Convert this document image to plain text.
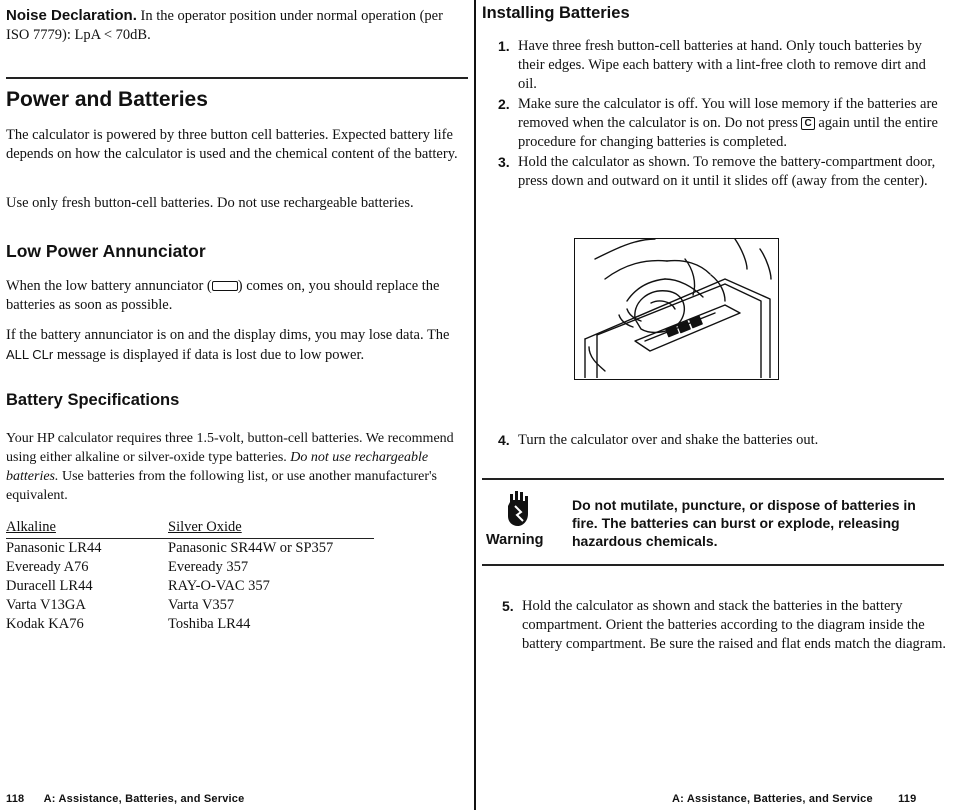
Noise Declaration. In the operator position under normal operation (per ISO 7779): LpA < 70dB.

Power and Batteries

The calculator is powered by three button cell batteries. Expected battery life depends on how the calculator is used and the chemical content of the battery.

Use only fresh button-cell batteries. Do not use rechargeable batteries.

Low Power Annunciator

When the low battery annunciator ( ) comes on, you should replace the batteries as soon as possible.

If the battery annunciator is on and the display dims, you may lose data. The ALL CLr message is displayed if data is lost due to low power.

Battery Specifications

Your HP calculator requires three 1.5-volt, button-cell batteries. We recommend using either alkaline or silver-oxide type batteries. Do not use rechargeable batteries. Use batteries from the following list, or use another manufacturer's equivalent.

Alkaline	Silver Oxide
Panasonic LR44	Panasonic SR44W or SP357
Eveready A76	Eveready 357
Duracell LR44	RAY-O-VAC 357
Varta V13GA	Varta V357
Kodak KA76	Toshiba LR44
118 A: Assistance, Batteries, and Service
Installing Batteries
1. Have three fresh button-cell batteries at hand. Only touch batteries by their edges. Wipe each battery with a lint-free cloth to remove dirt and oil.
2. Make sure the calculator is off. You will lose memory if the batteries are removed when the calculator is on. Do not press C again until the entire procedure for changing batteries is completed.
3. Hold the calculator as shown. To remove the battery-compartment door, press down and outward on it until it slides off (away from the center).
4. Turn the calculator over and shake the batteries out.
Warning
Do not mutilate, puncture, or dispose of batteries in fire. The batteries can burst or explode, releasing hazardous chemicals.
5. Hold the calculator as shown and stack the batteries in the battery compartment. Orient the batteries according to the diagram inside the battery compartment. Be sure the raised and flat ends match the diagram.
A: Assistance, Batteries, and Service 119
